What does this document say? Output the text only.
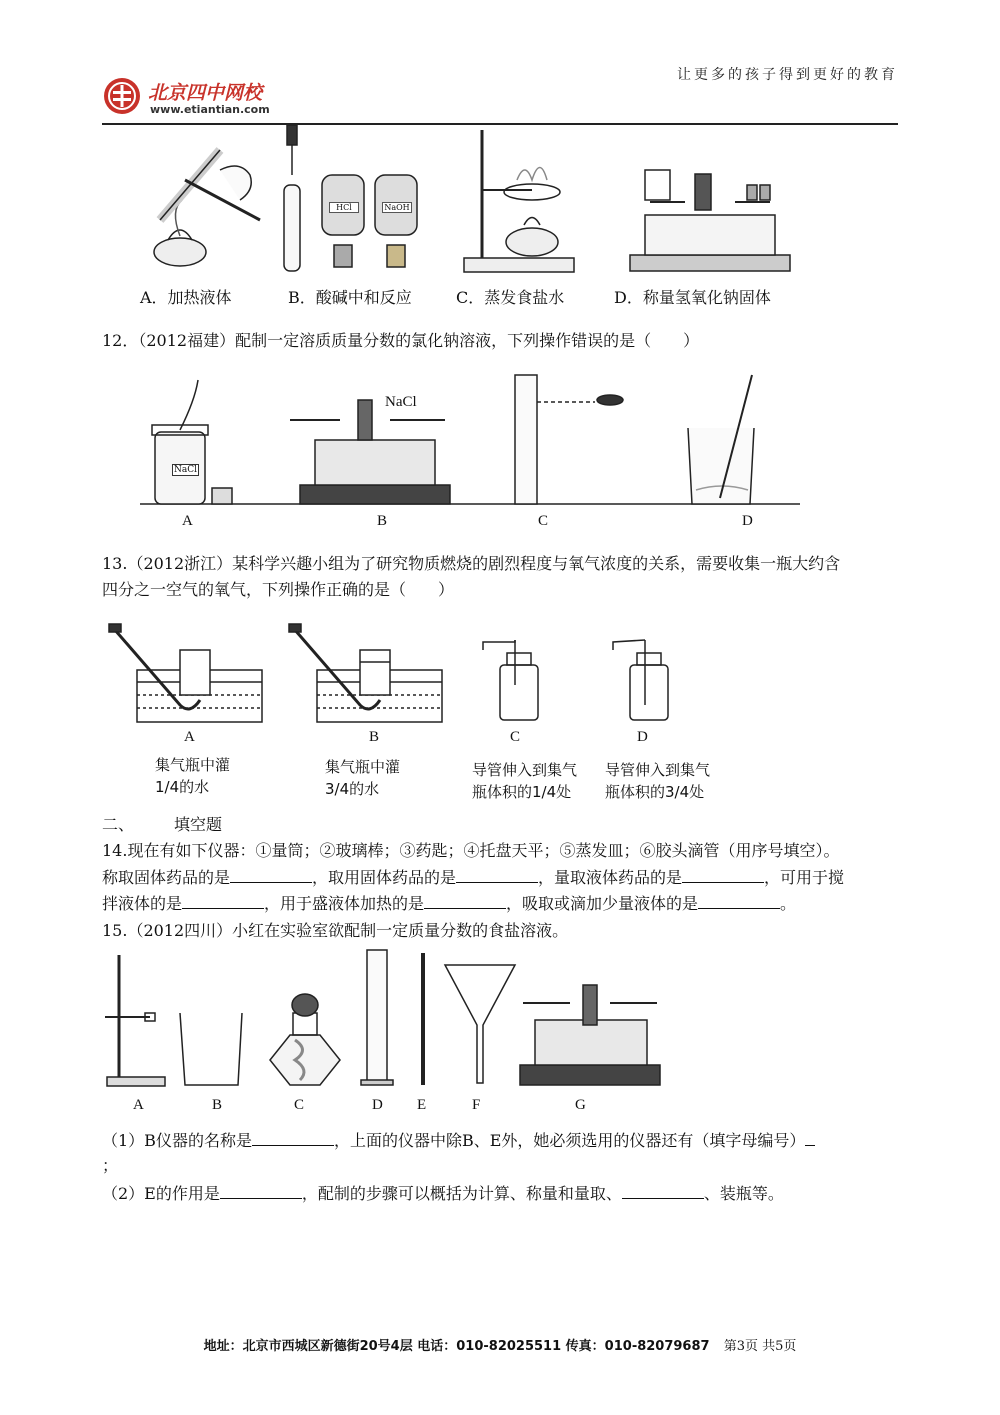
北京四中网校
www.etiantian.com
让更多的孩子得到更好的教育
HCl	NaOH
A．加热液体	B．酸碱中和反应	C．蒸发食盐水	D．称量氢氧化钠固体
12．（2012福建）配制一定溶质质量分数的氯化钠溶液，下列操作错误的是（　　）
NaCl
NaCl
A	B	C	D
13.（2012浙江）某科学兴趣小组为了研究物质燃烧的剧烈程度与氧气浓度的关系，需要收集一瓶大约含
四分之一空气的氧气，下列操作正确的是（　　）
A	B	C	D
集气瓶中灌
1/4的水
集气瓶中灌
3/4的水
导管伸入到集气
瓶体积的1/4处
导管伸入到集气
瓶体积的3/4处
二、	填空题
14.现在有如下仪器：①量筒；②玻璃棒；③药匙；④托盘天平；⑤蒸发皿；⑥胶头滴管（用序号填空）。
称取固体药品的是	，取用固体药品的是	，量取液体药品的是	，可用于搅
拌液体的是	，用于盛液体加热的是	，吸取或滴加少量液体的是	。
15.（2012四川）小红在实验室欲配制一定质量分数的食盐溶液。
A	B	C	D E	F	G
（1）B仪器的名称是	，上面的仪器中除B、E外，她必须选用的仪器还有（填字母编号）
；
（2）E的作用是	，配制的步骤可以概括为计算、称量和量取、	、装瓶等。
地址：北京市西城区新德街20号4层 电话：010-82025511 传真：010-82079687 第3页 共5页
